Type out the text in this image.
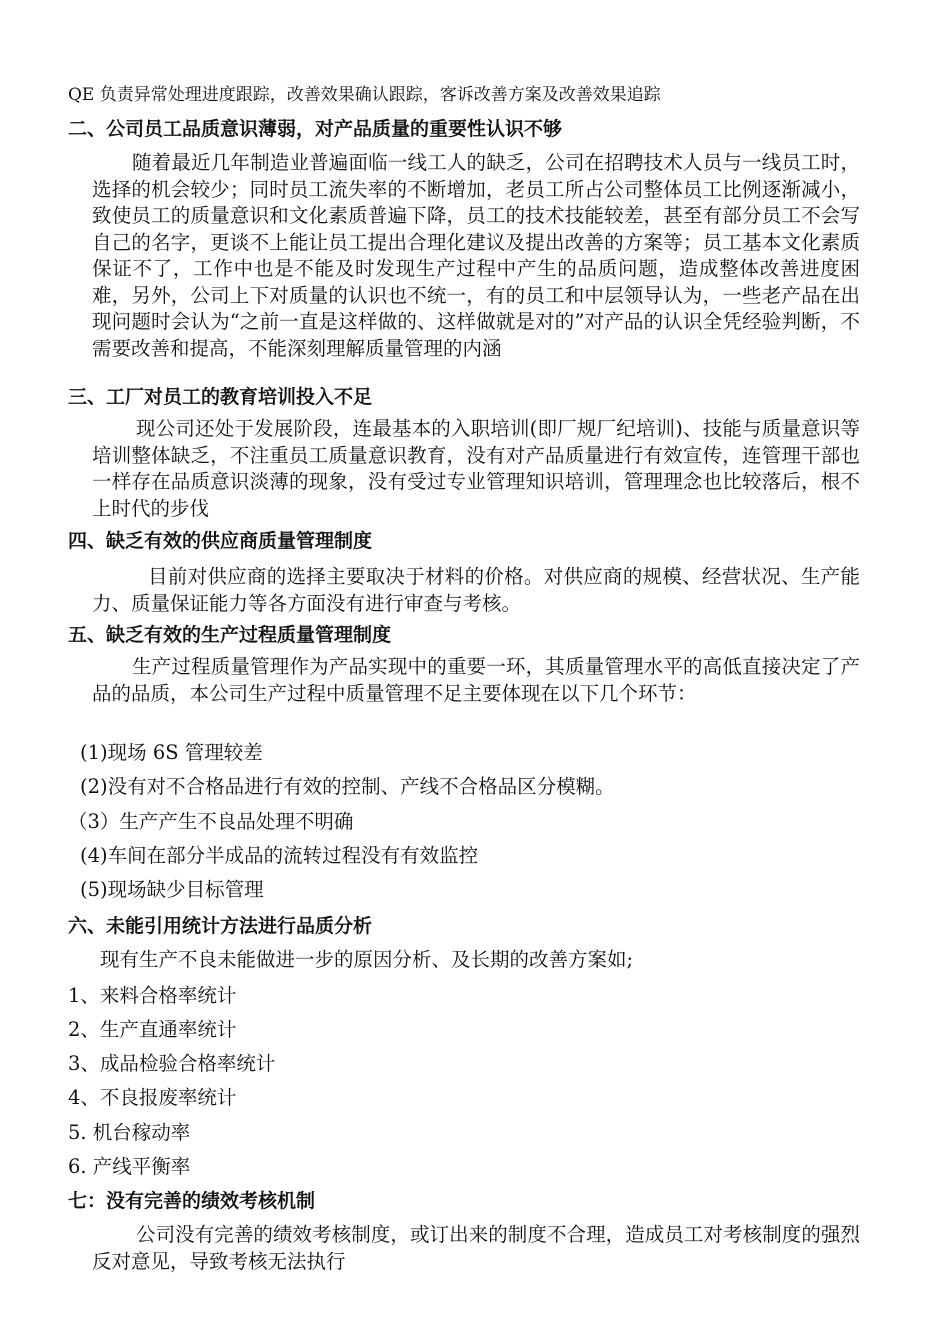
QE 负责异常处理进度跟踪，改善效果确认跟踪，客诉改善方案及改善效果追踪
二、公司员工品质意识薄弱，对产品质量的重要性认识不够
随着最近几年制造业普遍面临一线工人的缺乏，公司在招聘技术人员与一线员工时，选择的机会较少；同时员工流失率的不断增加，老员工所占公司整体员工比例逐渐减小，致使员工的质量意识和文化素质普遍下降，员工的技术技能较差，甚至有部分员工不会写自己的名字，更谈不上能让员工提出合理化建议及提出改善的方案等；员工基本文化素质保证不了，工作中也是不能及时发现生产过程中产生的品质问题，造成整体改善进度困难，另外，公司上下对质量的认识也不统一，有的员工和中层领导认为，一些老产品在出现问题时会认为“之前一直是这样做的、这样做就是对的”对产品的认识全凭经验判断，不需要改善和提高，不能深刻理解质量管理的内涵
三、工厂对员工的教育培训投入不足
现公司还处于发展阶段，连最基本的入职培训(即厂规厂纪培训)、技能与质量意识等培训整体缺乏，不注重员工质量意识教育，没有对产品质量进行有效宣传，连管理干部也一样存在品质意识淡薄的现象，没有受过专业管理知识培训，管理理念也比较落后，根不上时代的步伐
四、缺乏有效的供应商质量管理制度
目前对供应商的选择主要取决于材料的价格。对供应商的规模、经营状况、生产能力、质量保证能力等各方面没有进行审查与考核。
五、缺乏有效的生产过程质量管理制度
生产过程质量管理作为产品实现中的重要一环，其质量管理水平的高低直接决定了产品的品质，本公司生产过程中质量管理不足主要体现在以下几个环节：
(1)现场 6S 管理较差
(2)没有对不合格品进行有效的控制、产线不合格品区分模糊。
（3）生产产生不良品处理不明确
(4)车间在部分半成品的流转过程没有有效监控
(5)现场缺少目标管理
六、未能引用统计方法进行品质分析
现有生产不良未能做进一步的原因分析、及长期的改善方案如;
1、来料合格率统计
2、生产直通率统计
3、成品检验合格率统计
4、不良报废率统计
5. 机台稼动率
6. 产线平衡率
七：没有完善的绩效考核机制
公司没有完善的绩效考核制度，或订出来的制度不合理，造成员工对考核制度的强烈反对意见，导致考核无法执行
